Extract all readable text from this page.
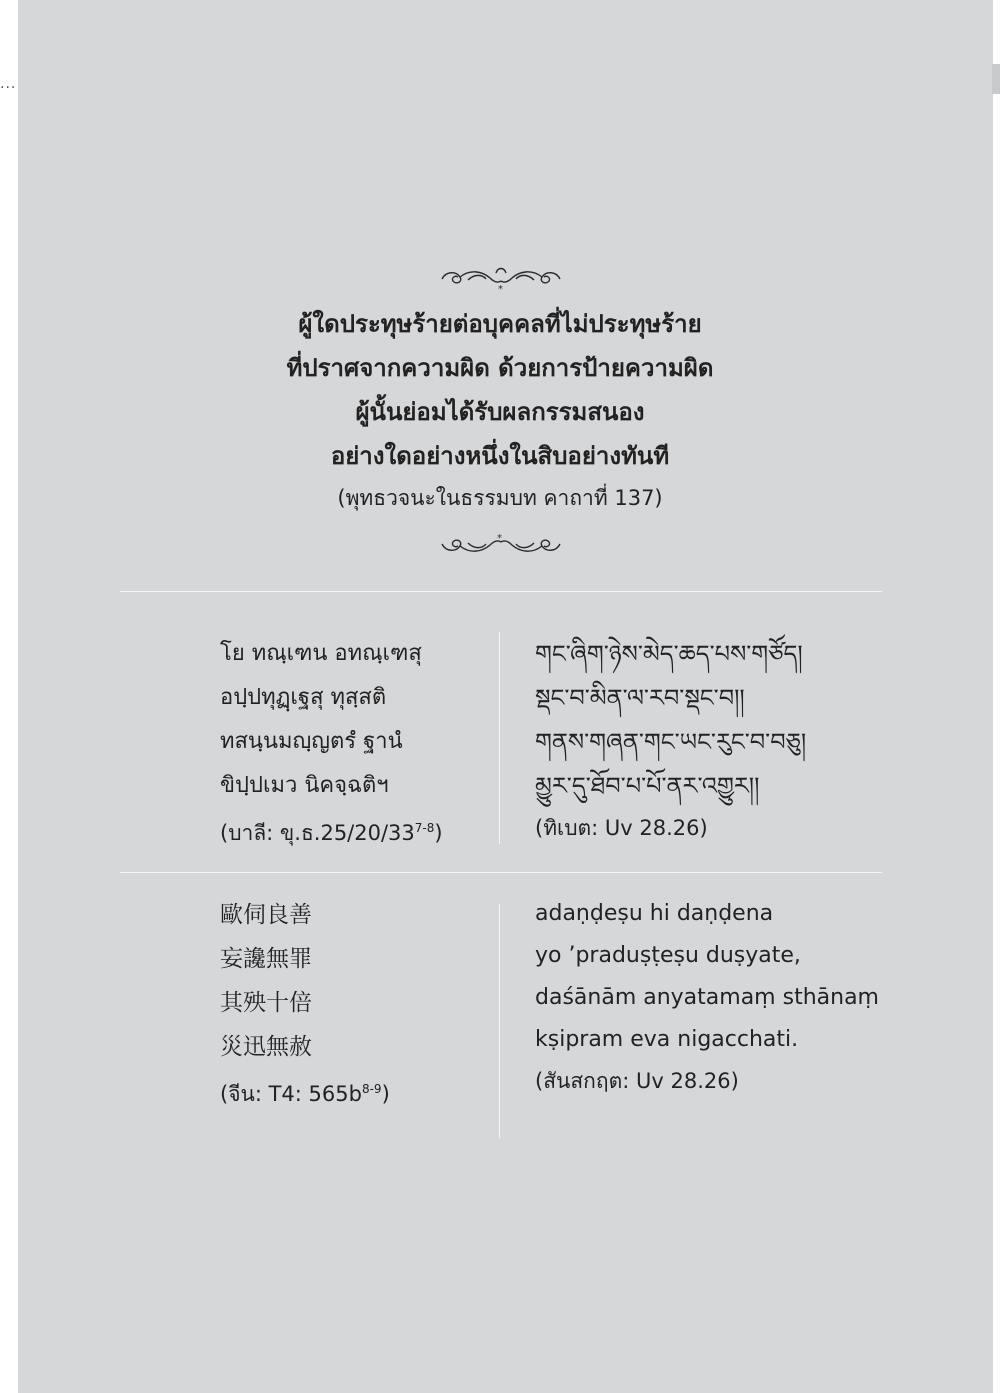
...
*
ผู้ใดประทุษร้ายต่อบุคคลที่ไม่ประทุษร้าย
ที่ปราศจากความผิด ด้วยการป้ายความผิด
ผู้นั้นย่อมได้รับผลกรรมสนอง
อย่างใดอย่างหนึ่งในสิบอย่างทันที
(พุทธวจนะในธรรมบท คาถาที่ 137)
*
โย ทณฺเฑน อทณฺเฑสุ
อปฺปทุฏฺเฐสุ ทุสฺสติ
ทสนฺนมญฺญตรํ ฐานํ
ขิปฺปเมว นิคจฺฉติฯ
(บาลี: ขุ.ธ.25/20/33$^{7-8}$)
གང་ཞིག་ཉེས་མེད་ཆད་པས་གཙོད།
སྡང་བ་མིན་ལ་རབ་སྡང་བ།།
གནས་གཞན་གང་ཡང་རུང་བ་བཅུ།
མྱུར་དུ་ཐོབ་པ་པོ་ནར་འགྱུར།།
(ทิเบต: Uv 28.26)
歐伺良善
妄讒無罪
其殃十倍
災迅無赦
(จีน: T4: $565b^{8-9}$)
adaṇḍeṣu hi daṇḍena
yo ’praduṣṭeṣu duṣyate,
daśānām anyatamaṃ sthānaṃ
kṣipram eva nigacchati.
(สันสกฤต: Uv 28.26)
